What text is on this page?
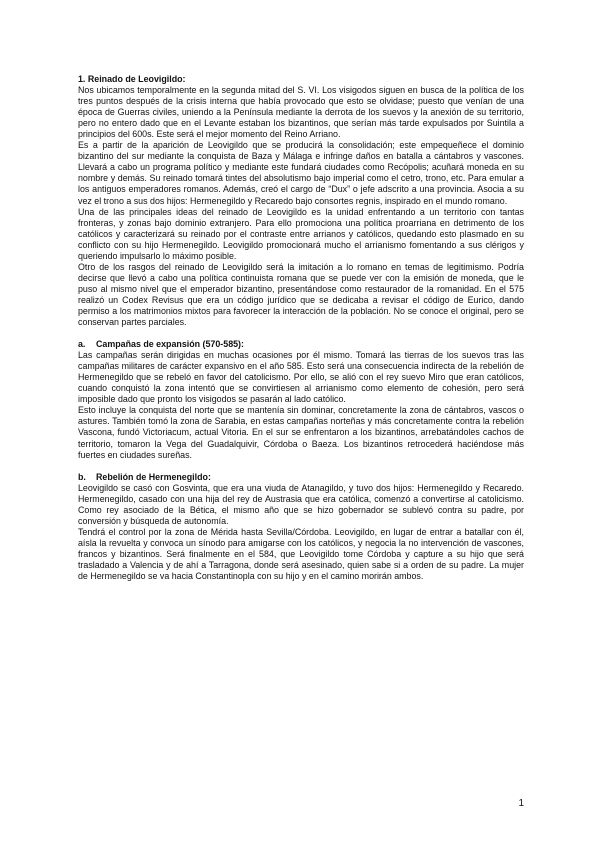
1. Reinado de Leovigildo:

Nos ubicamos temporalmente en la segunda mitad del S. VI. Los visigodos siguen en busca de la política de los tres puntos después de la crisis interna que había provocado que esto se olvidase; puesto que venían de una época de Guerras civiles, uniendo a la Península mediante la derrota de los suevos y la anexión de su territorio, pero no entero dado que en el Levante estaban los bizantinos, que serían más tarde expulsados por Suintila a principios del 600s. Este será el mejor momento del Reino Arriano.

Es a partir de la aparición de Leovigildo que se producirá la consolidación; este empequeñece el dominio bizantino del sur mediante la conquista de Baza y Málaga e infringe daños en batalla a cántabros y vascones. Llevará a cabo un programa político y mediante este fundará ciudades como Recópolis; acuñará moneda en su nombre y demás. Su reinado tomará tintes del absolutismo bajo imperial como el cetro, trono, etc. Para emular a los antiguos emperadores romanos. Además, creó el cargo de “Dux” o jefe adscrito a una provincia. Asocia a su vez el trono a sus dos hijos: Hermenegildo y Recaredo bajo consortes regnis, inspirado en el mundo romano.

Una de las principales ideas del reinado de Leovigildo es la unidad enfrentando a un territorio con tantas fronteras, y zonas bajo dominio extranjero. Para ello promociona una política proarriana en detrimento de los católicos y caracterizará su reinado por el contraste entre arrianos y católicos, quedando esto plasmado en su conflicto con su hijo Hermenegildo. Leovigildo promocionará mucho el arrianismo fomentando a sus clérigos y queriendo impulsarlo lo máximo posible.

Otro de los rasgos del reinado de Leovigildo será la imitación a lo romano en temas de legitimismo. Podría decirse que llevó a cabo una política continuista romana que se puede ver con la emisión de moneda, que le puso al mismo nivel que el emperador bizantino, presentándose como restaurador de la romanidad. En el 575 realizó un Codex Revisus que era un código jurídico que se dedicaba a revisar el código de Eurico, dando permiso a los matrimonios mixtos para favorecer la interacción de la población. No se conoce el original, pero se conservan partes parciales.

a. Campañas de expansión (570-585):

Las campañas serán dirigidas en muchas ocasiones por él mismo. Tomará las tierras de los suevos tras las campañas militares de carácter expansivo en el año 585. Esto será una consecuencia indirecta de la rebelión de Hermenegildo que se rebeló en favor del catolicismo. Por ello, se alió con el rey suevo Miro que eran católicos, cuando conquistó la zona intentó que se convirtiesen al arrianismo como elemento de cohesión, pero será imposible dado que pronto los visigodos se pasarán al lado católico.

Esto incluye la conquista del norte que se mantenía sin dominar, concretamente la zona de cántabros, vascos o astures. También tomó la zona de Sarabia, en estas campañas norteñas y más concretamente contra la rebelión Vascona, fundó Victoriacum, actual Vitoria. En el sur se enfrentaron a los bizantinos, arrebatándoles cachos de territorio, tomaron la Vega del Guadalquivir, Córdoba o Baeza. Los bizantinos retrocederá haciéndose más fuertes en ciudades sureñas.

b. Rebelión de Hermenegildo:

Leovigildo se casó con Gosvinta, que era una viuda de Atanagildo, y tuvo dos hijos: Hermenegildo y Recaredo. Hermenegildo, casado con una hija del rey de Austrasia que era católica, comenzó a convertirse al catolicismo. Como rey asociado de la Bética, el mismo año que se hizo gobernador se sublevó contra su padre, por conversión y búsqueda de autonomía.

Tendrá el control por la zona de Mérida hasta Sevilla/Córdoba. Leovigildo, en lugar de entrar a batallar con él, aísla la revuelta y convoca un sínodo para amigarse con los católicos, y negocia la no intervención de vascones, francos y bizantinos. Será finalmente en el 584, que Leovigildo tome Córdoba y capture a su hijo que será trasladado a Valencia y de ahí a Tarragona, donde será asesinado, quien sabe si a orden de su padre. La mujer de Hermenegildo se va hacia Constantinopla con su hijo y en el camino morirán ambos.

1
